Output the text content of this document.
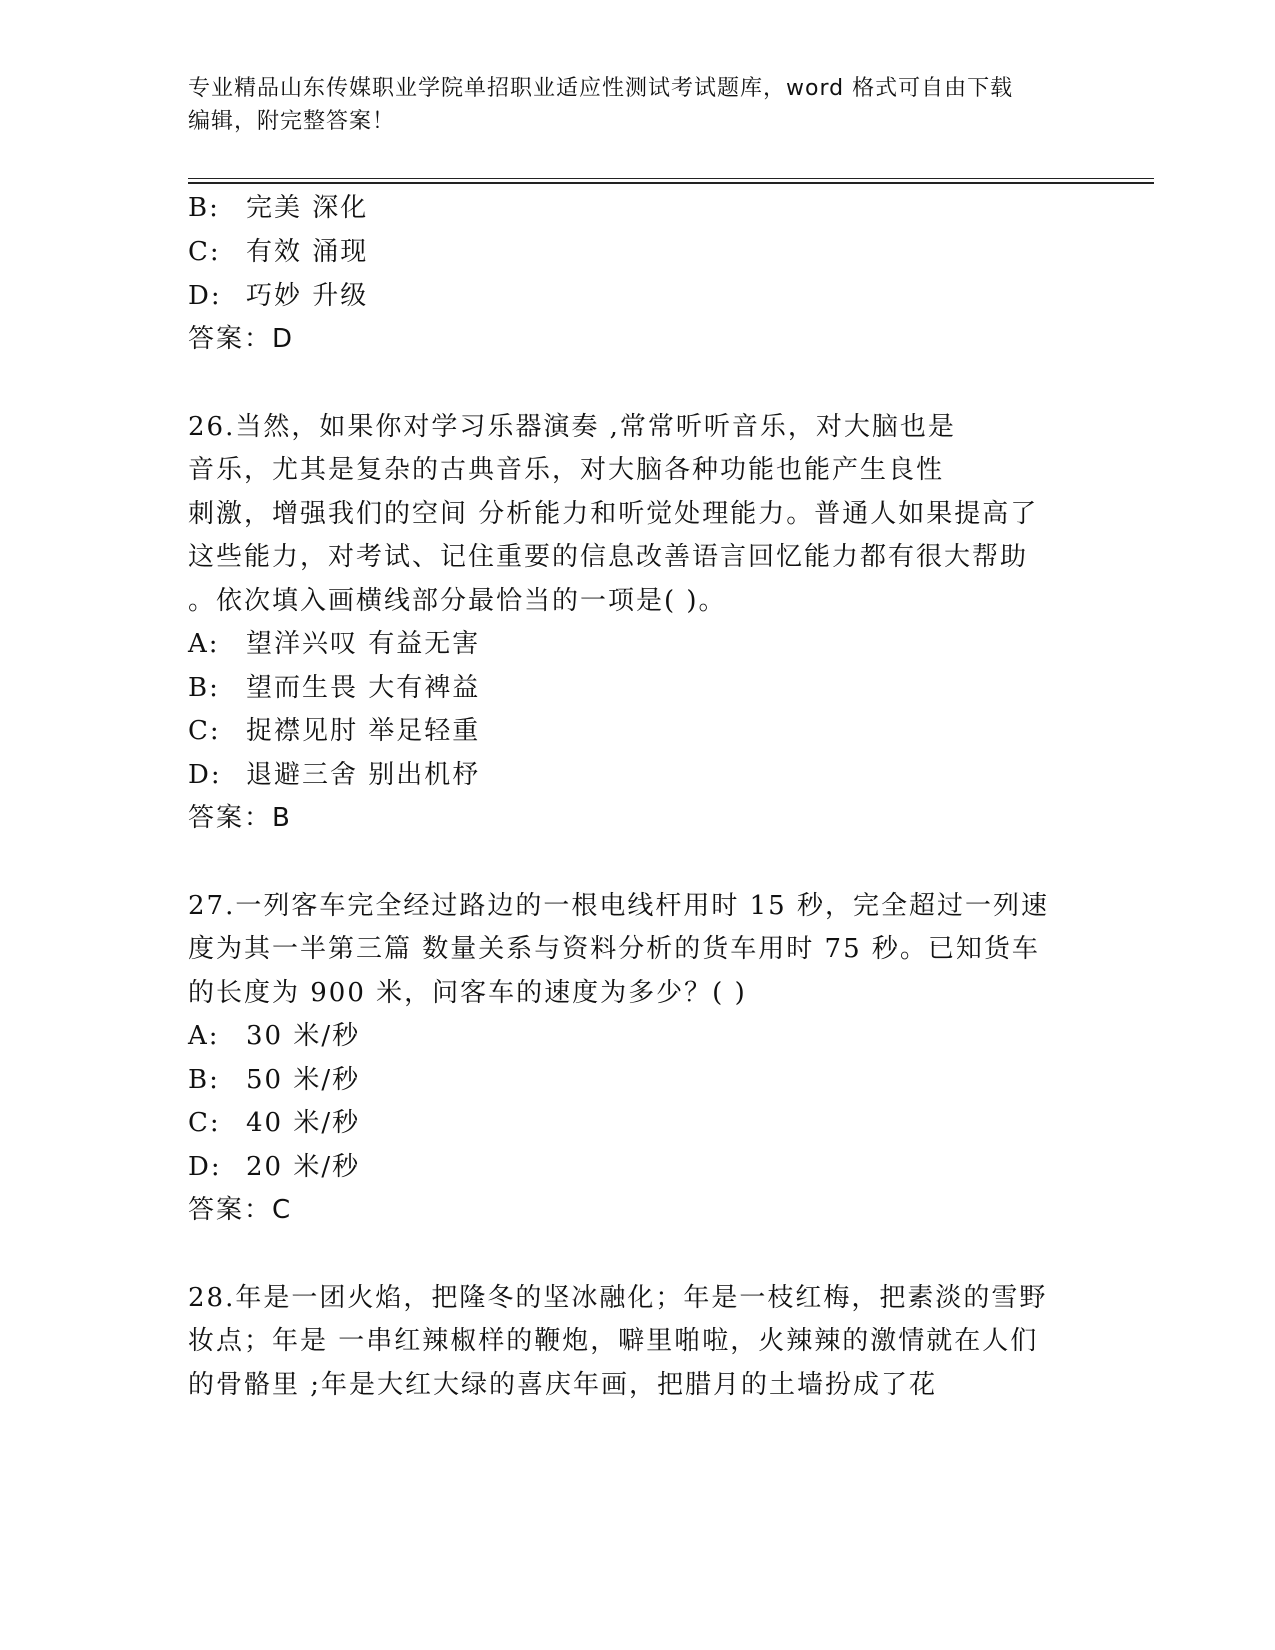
专业精品山东传媒职业学院单招职业适应性测试考试题库，word 格式可自由下载
编辑，附完整答案！
B: 完美 深化
C: 有效 涌现
D: 巧妙 升级
答案：D
26.当然，如果你对学习乐器演奏 ,常常听听音乐，对大脑也是
音乐，尤其是复杂的古典音乐，对大脑各种功能也能产生良性
刺激，增强我们的空间 分析能力和听觉处理能力。普通人如果提高了
这些能力，对考试、记住重要的信息改善语言回忆能力都有很大帮助
。依次填入画横线部分最恰当的一项是( )。
A: 望洋兴叹 有益无害
B: 望而生畏 大有裨益
C: 捉襟见肘 举足轻重
D: 退避三舍 别出机杼
答案：B
27.一列客车完全经过路边的一根电线杆用时 15 秒，完全超过一列速
度为其一半第三篇 数量关系与资料分析的货车用时 75 秒。已知货车
的长度为 900 米，问客车的速度为多少？( )
A: 30 米/秒
B: 50 米/秒
C: 40 米/秒
D: 20 米/秒
答案：C
28.年是一团火焰，把隆冬的坚冰融化；年是一枝红梅，把素淡的雪野
妆点；年是 一串红辣椒样的鞭炮，噼里啪啦，火辣辣的激情就在人们
的骨骼里 ;年是大红大绿的喜庆年画，把腊月的土墙扮成了花
